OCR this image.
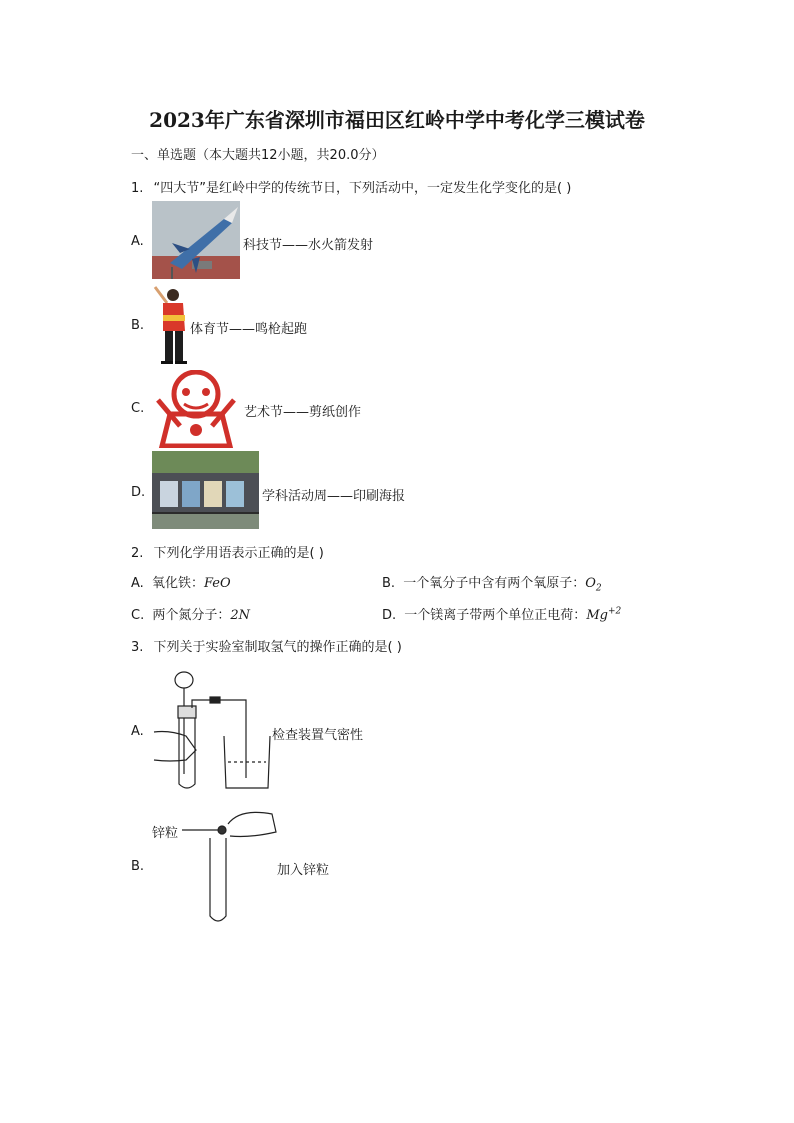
2023年广东省深圳市福田区红岭中学中考化学三模试卷
一、单选题（本大题共12小题，共20.0分）
1. “四大节”是红岭中学的传统节日，下列活动中，一定发生化学变化的是( )
A.	科技节——水火箭发射
B.	体育节——鸣枪起跑
C.	艺术节——剪纸创作
D.	学科活动周——印刷海报
2. 下列化学用语表示正确的是( )
A. 氧化铁：FeO	B. 一个氧分子中含有两个氧原子：$O_2$
C. 两个氮分子：2N	D. 一个镁离子带两个单位正电荷：$Mg^{+2}$
3. 下列关于实验室制取氢气的操作正确的是( )
A.	检查装置气密性
锌粒
B.	加入锌粒
